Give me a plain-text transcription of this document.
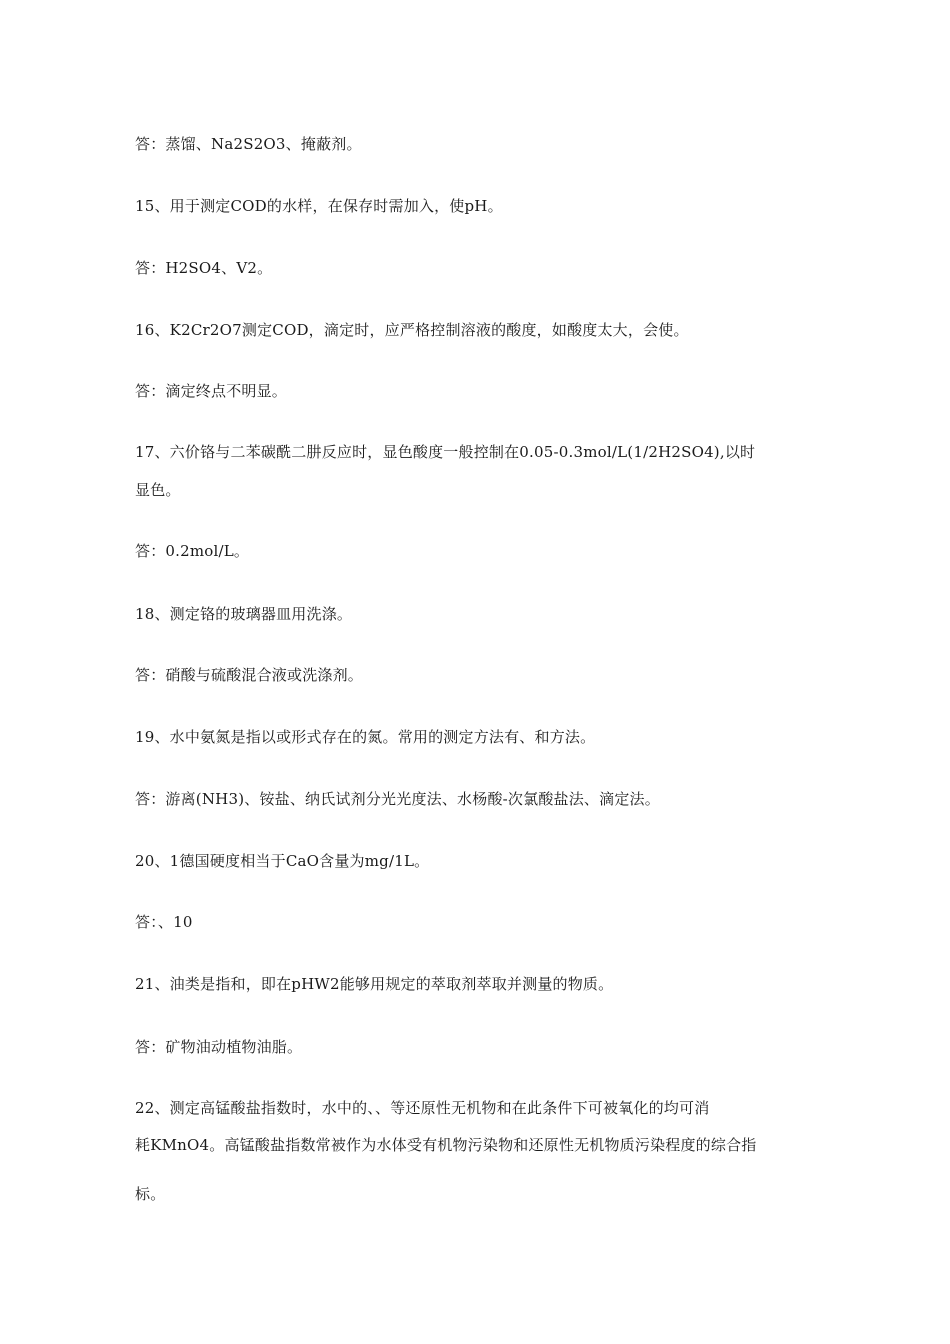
答：蒸馏、Na2S2O3、掩蔽剂。
15、用于测定COD的水样，在保存时需加入，使pH。
答：H2SO4、V2。
16、K2Cr2O7测定COD，滴定时，应严格控制溶液的酸度，如酸度太大，会使。
答：滴定终点不明显。
17、六价铬与二苯碳酰二肼反应时，显色酸度一般控制在0.05-0.3mol/L(1/2H2SO4),以时
显色。
答：0.2mol/L。
18、测定铬的玻璃器皿用洗涤。
答：硝酸与硫酸混合液或洗涤剂。
19、水中氨氮是指以或形式存在的氮。常用的测定方法有、和方法。
答：游离(NH3)、铵盐、纳氏试剂分光光度法、水杨酸-次氯酸盐法、滴定法。
20、1德国硬度相当于CaO含量为mg/1L。
答：、10
21、油类是指和，即在pHW2能够用规定的萃取剂萃取并测量的物质。
答：矿物油动植物油脂。
22、测定高锰酸盐指数时，水中的、、等还原性无机物和在此条件下可被氧化的均可消
耗KMnO4。高锰酸盐指数常被作为水体受有机物污染物和还原性无机物质污染程度的综合指
标。
